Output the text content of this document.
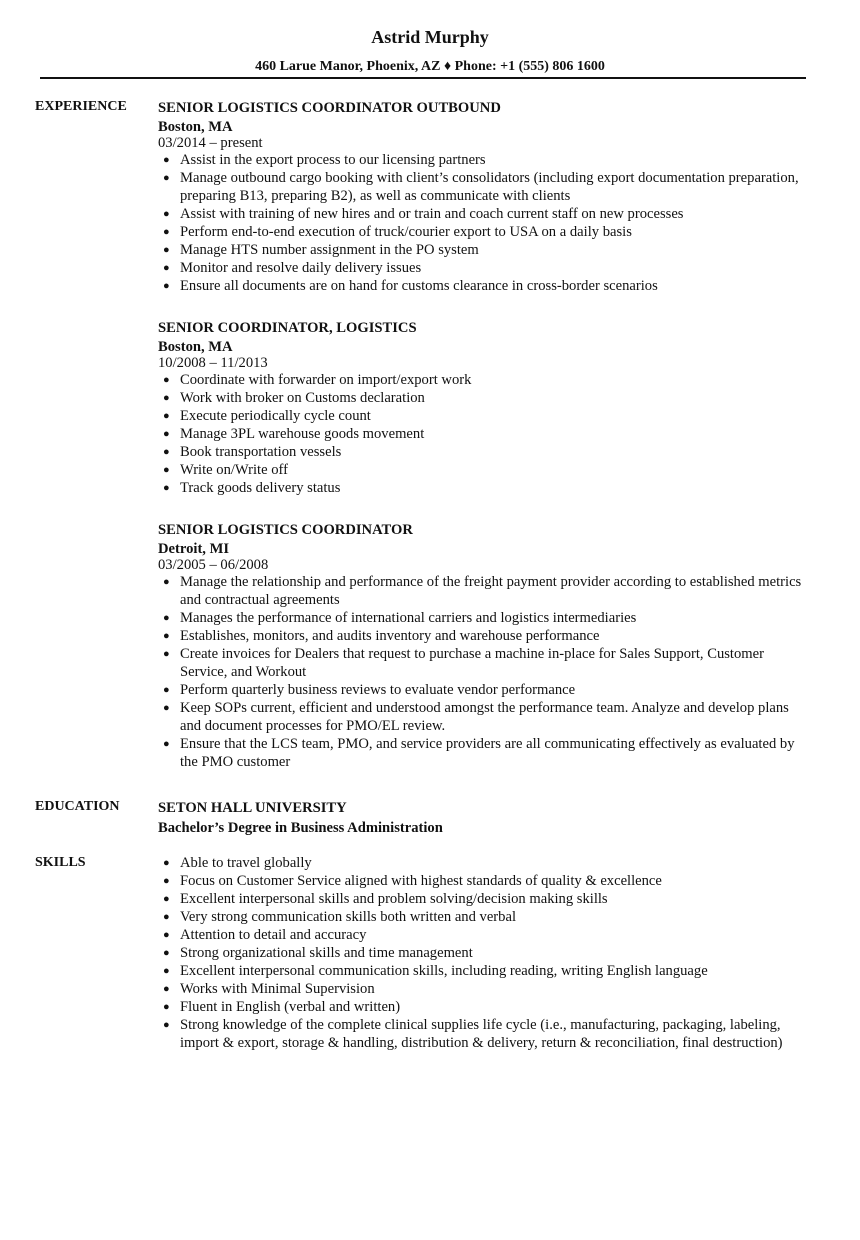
Astrid Murphy
460 Larue Manor, Phoenix, AZ ♦ Phone: +1 (555) 806 1600
EXPERIENCE
EDUCATION
SKILLS
SENIOR LOGISTICS COORDINATOR OUTBOUND
Boston, MA
03/2014 – present
● Assist in the export process to our licensing partners
● Manage outbound cargo booking with client’s consolidators (including export documentation preparation, preparing B13, preparing B2), as well as communicate with clients
● Assist with training of new hires and or train and coach current staff on new processes
● Perform end-to-end execution of truck/courier export to USA on a daily basis
● Manage HTS number assignment in the PO system
● Monitor and resolve daily delivery issues
● Ensure all documents are on hand for customs clearance in cross-border scenarios
SENIOR COORDINATOR, LOGISTICS
Boston, MA
10/2008 – 11/2013
● Coordinate with forwarder on import/export work
● Work with broker on Customs declaration
● Execute periodically cycle count
● Manage 3PL warehouse goods movement
● Book transportation vessels
● Write on/Write off
● Track goods delivery status
SENIOR LOGISTICS COORDINATOR
Detroit, MI
03/2005 – 06/2008
● Manage the relationship and performance of the freight payment provider according to established metrics and contractual agreements
● Manages the performance of international carriers and logistics intermediaries
● Establishes, monitors, and audits inventory and warehouse performance
● Create invoices for Dealers that request to purchase a machine in-place for Sales Support, Customer Service, and Workout
● Perform quarterly business reviews to evaluate vendor performance
● Keep SOPs current, efficient and understood amongst the performance team. Analyze and develop plans and document processes for PMO/EL review.
● Ensure that the LCS team, PMO, and service providers are all communicating effectively as evaluated by the PMO customer
SETON HALL UNIVERSITY
Bachelor’s Degree in Business Administration
● Able to travel globally
● Focus on Customer Service aligned with highest standards of quality & excellence
● Excellent interpersonal skills and problem solving/decision making skills
● Very strong communication skills both written and verbal
● Attention to detail and accuracy
● Strong organizational skills and time management
● Excellent interpersonal communication skills, including reading, writing English language
● Works with Minimal Supervision
● Fluent in English (verbal and written)
● Strong knowledge of the complete clinical supplies life cycle (i.e., manufacturing, packaging, labeling, import & export, storage & handling, distribution & delivery, return & reconciliation, final destruction)
